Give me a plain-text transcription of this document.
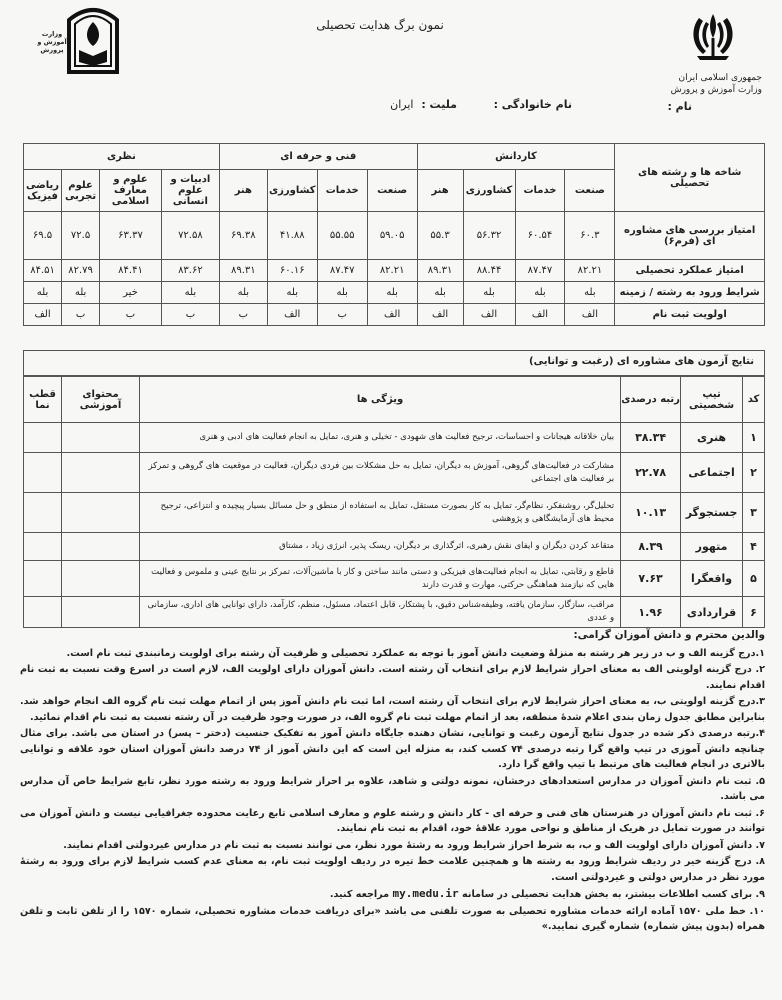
جمهوری اسلامی ایران
وزارت آموزش و پرورش
وزارت آموزش و پرورش
نمون برگ هدایت تحصیلی
نام :
نام خانوادگی :
ملیت : ایران
شاخه ها و رشته های تحصیلی	کاردانش				فنی و حرفه ای				نظری			
	صنعت	خدمات	کشاورزی	هنر	صنعت	خدمات	کشاورزی	هنر	ادبیات و علوم انسانی	علوم و معارف اسلامی	علوم تجربی	ریاضی فیزیک
امتیاز بررسی های مشاوره ای (فرم۶)	۶۰.۳	۶۰.۵۴	۵۶.۳۲	۵۵.۳	۵۹.۰۵	۵۵.۵۵	۴۱.۸۸	۶۹.۳۸	۷۲.۵۸	۶۳.۳۷	۷۲.۵	۶۹.۵
امتیاز عملکرد تحصیلی	۸۲.۲۱	۸۷.۴۷	۸۸.۴۴	۸۹.۳۱	۸۲.۲۱	۸۷.۴۷	۶۰.۱۶	۸۹.۳۱	۸۳.۶۲	۸۴.۴۱	۸۲.۷۹	۸۴.۵۱
شرایط ورود به رشته / زمینه	بله	بله	بله	بله	بله	بله	بله	بله	بله	خیر	بله	بله
اولویت ثبت نام	الف	الف	الف	الف	الف	ب	الف	ب	ب	ب	ب	الف
نتایج آزمون های مشاوره ای (رغبت و توانایی)
کد	تیپ شخصیتی	رتبه درصدی	ویژگی ها	محتوای آموزشی	قطب نما
۱	هنری	۳۸.۳۴	بیان خلاقانه هیجانات و احساسات، ترجیح فعالیت های شهودی - تخیلی و هنری، تمایل به انجام فعالیت های ادبی و هنری		
۲	اجتماعی	۲۲.۷۸	مشارکت در فعالیت‌های گروهی، آموزش به دیگران، تمایل به حل مشکلات بین فردی دیگران، فعالیت در موقعیت های گروهی و تمرکز بر فعالیت های اجتماعی		
۳	جستجوگر	۱۰.۱۳	تحلیل‌گر، روشنفکر، نظام‌گر، تمایل به کار بصورت مستقل، تمایل به استفاده از منطق و حل مسائل بسیار پیچیده و انتزاعی، ترجیح محیط های آزمایشگاهی و پژوهشی		
۴	متهور	۸.۳۹	متقاعد کردن دیگران و ایفای نقش رهبری، اثرگذاری بر دیگران، ریسک پذیر، انرژی زیاد ، مشتاق		
۵	واقعگرا	۷.۶۳	قاطع و رقابتی، تمایل به انجام فعالیت‌های فیزیکی و دستی مانند ساختن و کار با ماشین‌آلات، تمرکز بر نتایج عینی و ملموس و فعالیت هایی که نیازمند هماهنگی حرکتی، مهارت و قدرت دارند		
۶	قراردادی	۱.۹۶	مراقب، سازگار، سازمان یافته، وظیفه‌شناس دقیق، با پشتکار، قابل اعتماد، مسئول، منظم، کارآمد، دارای توانایی های اداری، سازمانی و عددی		

والدین محترم و دانش آموزان گرامی:

۱.درج گزینه الف و ب در زیر هر رشته به منزلهٔ وضعیت دانش آموز با توجه به عملکرد تحصیلی و ظرفیت آن رشته برای اولویت زمانبندی ثبت نام است.

۲. درج گزینه اولویتی الف به معنای احراز شرایط لازم برای انتخاب آن رشته است. دانش آموزان دارای اولویت الف، لازم است در اسرع وقت نسبت به ثبت نام اقدام نمایند.

۳.درج گزینه اولویتی ب، به معنای احراز شرایط لازم برای انتخاب آن رشته است، اما ثبت نام دانش آموز پس از اتمام مهلت ثبت نام گروه الف انجام خواهد شد. بنابراین مطابق جدول زمان بندی اعلام شدهٔ منطقه، بعد از اتمام مهلت ثبت نام گروه الف، در صورت وجود ظرفیت در آن رشته نسبت به ثبت نام اقدام نمائید.

۴.رتبه درصدی ذکر شده در جدول نتایج آزمون رغبت و توانایی، نشان دهنده جایگاه دانش آموز به تفکیک جنسیت (دختر – پسر) در استان می باشد. برای مثال چنانچه دانش آموزی در تیپ واقع گرا رتبه درصدی ۷۴ کسب کند، به منزله این است که این دانش آموز از ۷۴ درصد دانش آموزان استان خود علاقه و توانایی بالاتری در انجام فعالیت های مرتبط با تیپ واقع گرا دارد.

۵. ثبت نام دانش آموزان در مدارس استعدادهای درخشان، نمونه دولتی و شاهد، علاوه بر احراز شرایط ورود به رشته مورد نظر، تابع شرایط خاص آن مدارس می باشد.

۶. ثبت نام دانش آموزان در هنرستان های فنی و حرفه ای - کار دانش و رشته علوم و معارف اسلامی تابع رعایت محدوده جغرافیایی نیست و دانش آموزان می توانند در صورت تمایل در هریک از مناطق و نواحی مورد علاقهٔ خود، اقدام به ثبت نام نمایند.

۷. دانش آموزان دارای اولویت الف و ب، به شرط احراز شرایط ورود به رشتهٔ مورد نظر، می توانند نسبت به ثبت نام در مدارس غیردولتی اقدام نمایند.

۸. درج گزینه خیر در ردیف شرایط ورود به رشته ها و همچنین علامت خط تیره در ردیف اولویت ثبت نام، به معنای عدم کسب شرایط لازم برای ورود به رشتهٔ مورد نظر در مدارس دولتی و غیردولتی است.

۹. برای کسب اطلاعات بیشتر، به بخش هدایت تحصیلی در سامانه my.medu.ir مراجعه کنید.

۱۰. خط ملی ۱۵۷۰ آماده ارائه خدمات مشاوره تحصیلی به صورت تلفنی می باشد «برای دریافت خدمات مشاوره تحصیلی، شماره ۱۵۷۰ را از تلفن ثابت و تلفن همراه (بدون پیش شماره) شماره گیری نمایید.»
